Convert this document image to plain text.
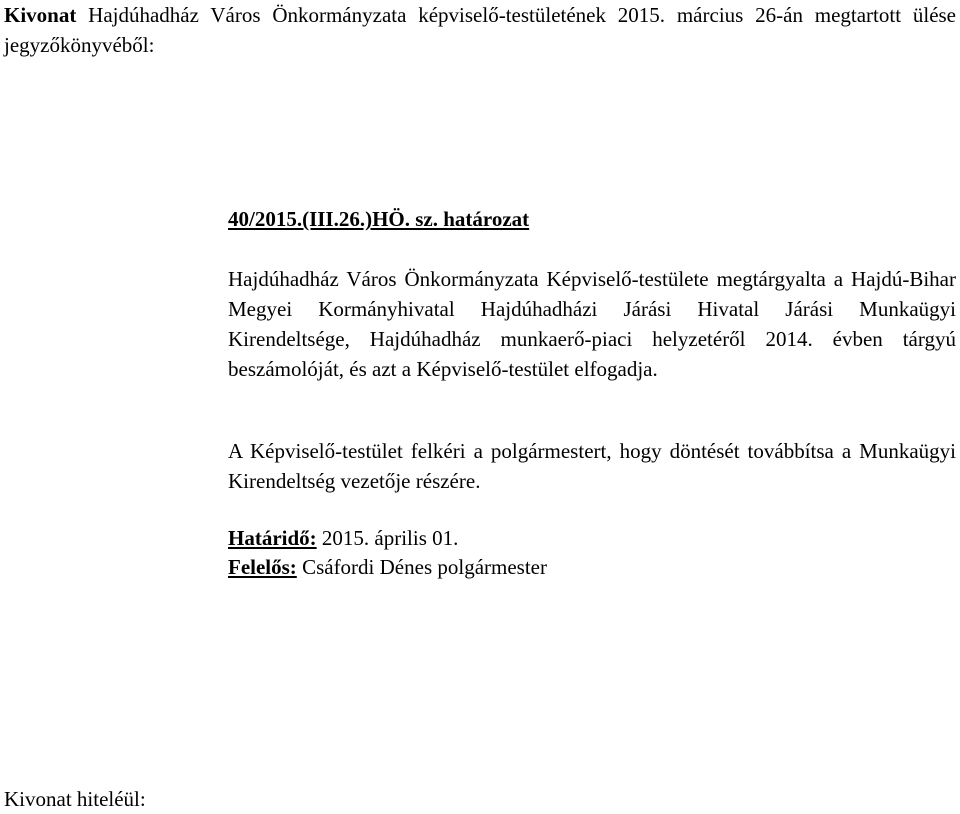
Kivonat Hajdúhadház Város Önkormányzata képviselő-testületének 2015. március 26-án megtartott ülése jegyzőkönyvéből:
40/2015.(III.26.)HÖ. sz. határozat
Hajdúhadház Város Önkormányzata Képviselő-testülete megtárgyalta a Hajdú-Bihar Megyei Kormányhivatal Hajdúhadházi Járási Hivatal Járási Munkaügyi Kirendeltsége, Hajdúhadház munkaerő-piaci helyzetéről 2014. évben tárgyú beszámolóját, és azt a Képviselő-testület elfogadja.
A Képviselő-testület felkéri a polgármestert, hogy döntését továbbítsa a Munkaügyi Kirendeltség vezetője részére.
Határidő: 2015. április 01.
Felelős: Csáfordi Dénes polgármester
Kivonat hiteléül:
